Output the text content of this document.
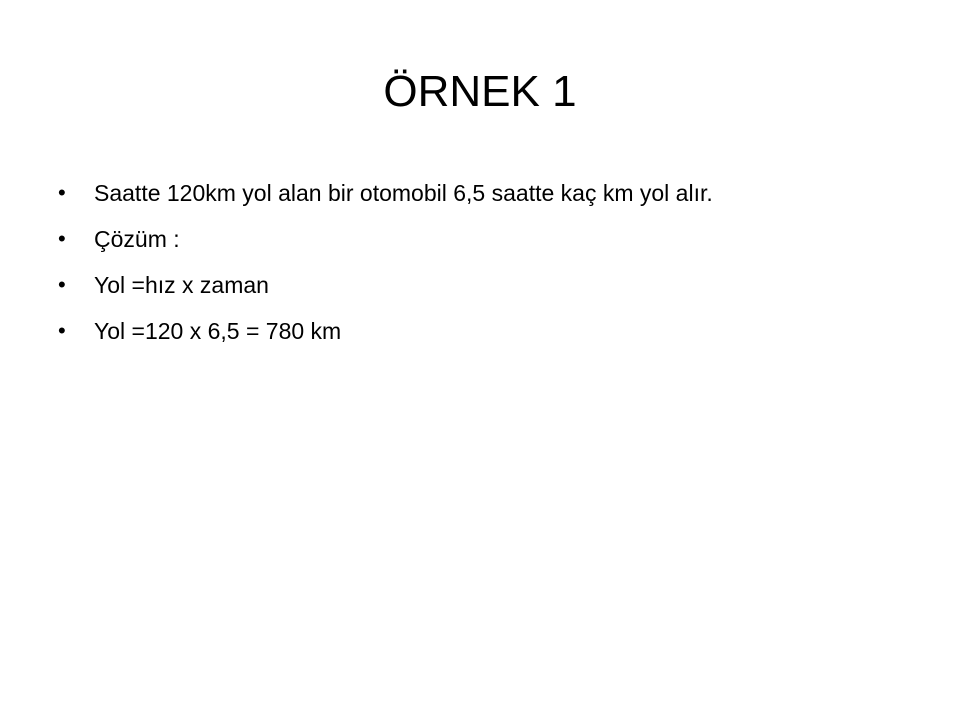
ÖRNEK 1
•	Saatte 120km yol alan bir otomobil 6,5 saatte kaç km yol alır.
•	Çözüm :
•	Yol =hız x zaman
•	Yol =120 x 6,5 = 780 km
